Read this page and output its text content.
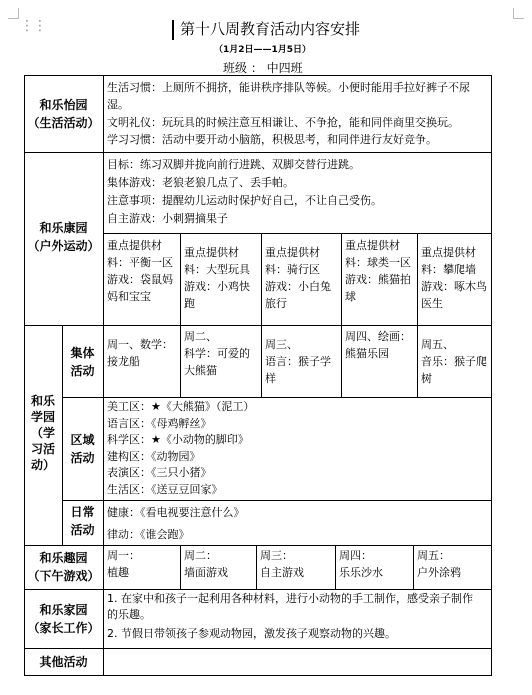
⋮⋮	第十八周教育活动内容安排
（1月2日——1月5日）
班级 ： 中四班
和乐怡园
（生活活动）
生活习惯：上厕所不拥挤，能讲秩序排队等候。小便时能用手拉好裤子不尿
湿。
文明礼仪：玩玩具的时候注意互相谦让、不争抢，能和同伴商里交换玩。
学习习惯：活动中要开动小脑筋，积极思考，和同伴进行友好竞争。
和乐康园
（户外运动）
目标：练习双脚并拢向前行进跳、双脚交替行进跳。
集体游戏：老狼老狼几点了、丢手帕。
注意事项：提醒幼儿运动时保护好自己，不让自己受伤。
自主游戏：小刺猬摘果子
重点提供材
料：平衡一区
游戏：袋鼠妈
妈和宝宝
重点提供材
料：大型玩具
游戏：小鸡快
跑
重点提供材
料：骑行区
游戏：小白兔
旅行
重点提供材
料：球类一区
游戏：熊猫拍
球
重点提供材
料：攀爬墙
游戏：啄木鸟
医生
和乐
学园
（学
习活
动）
集体
活动
周一、数学：
接龙船
周二、
科学：可爱的
大熊猫
周三、
语言：猴子学
样
周四、绘画：
熊猫乐园
周五、
音乐：猴子爬
树
区域
活动
美工区：★《大熊猫》（泥工）
语言区：《母鸡孵丝》
科学区：★《小动物的脚印》
建构区：《动物园》
表演区：《三只小猪》
生活区：《送豆豆回家》
日常
活动
健康：《看电视要注意什么》
律动：《谁会跑》
和乐趣园
（下午游戏）
周一：
植趣
周二：
墙面游戏
周三：
自主游戏
周四：
乐乐沙水
周五：
户外涂鸦
和乐家园
（家长工作）
1. 在家中和孩子一起利用各种材料，进行小动物的手工制作，感受亲子制作
的乐趣。
2. 节假日带领孩子参观动物园，激发孩子观察动物的兴趣。
其他活动
